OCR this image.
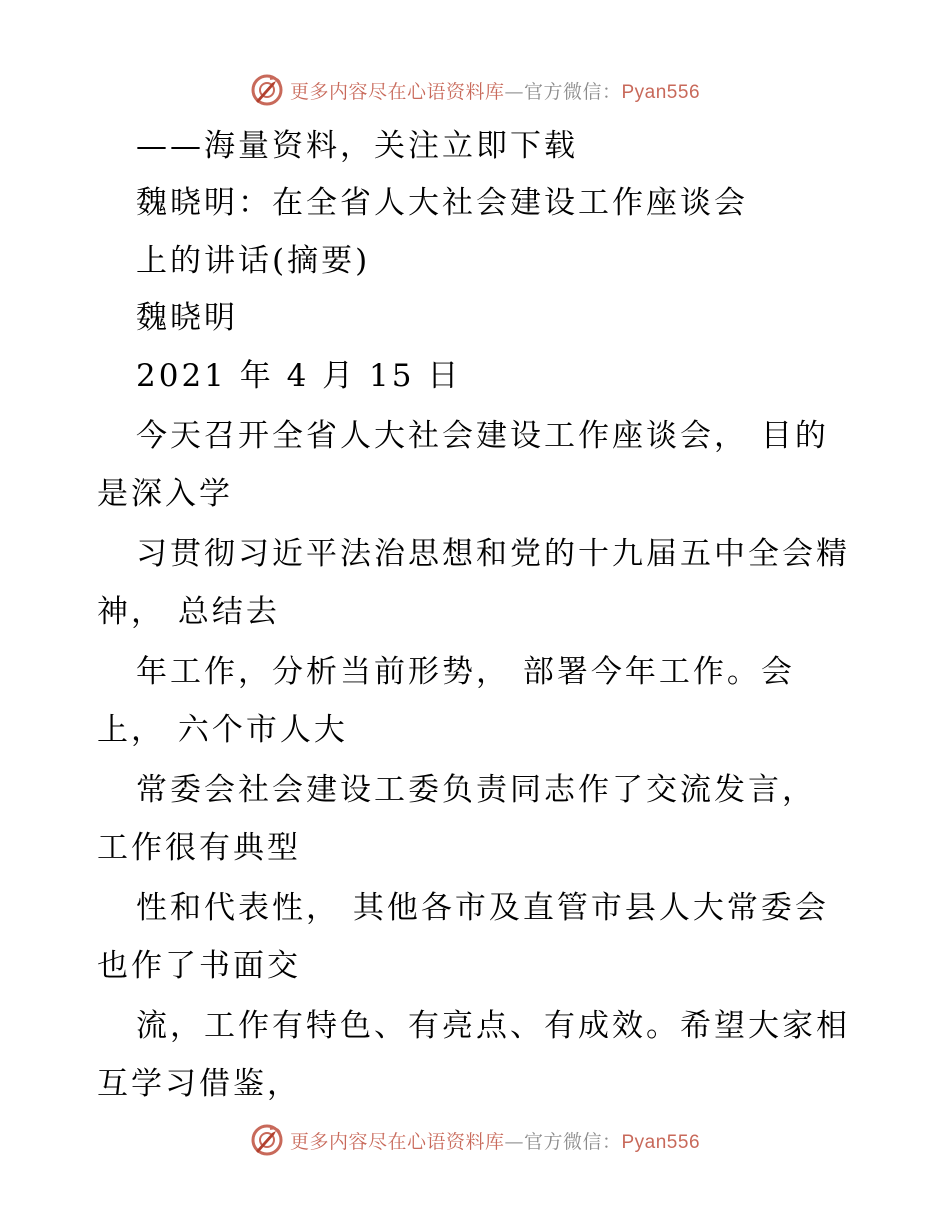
更多内容尽在心语资料库—官方微信：Pyan556
——海量资料，关注立即下载
魏晓明：在全省人大社会建设工作座谈会
上的讲话(摘要)
魏晓明
2021 年 4 月 15 日
今天召开全省人大社会建设工作座谈会， 目的
是深入学
习贯彻习近平法治思想和党的十九届五中全会精
神， 总结去
年工作，分析当前形势， 部署今年工作。会
上， 六个市人大
常委会社会建设工委负责同志作了交流发言，
工作很有典型
性和代表性， 其他各市及直管市县人大常委会
也作了书面交
流，工作有特色、有亮点、有成效。希望大家相
互学习借鉴，
更多内容尽在心语资料库—官方微信：Pyan556
